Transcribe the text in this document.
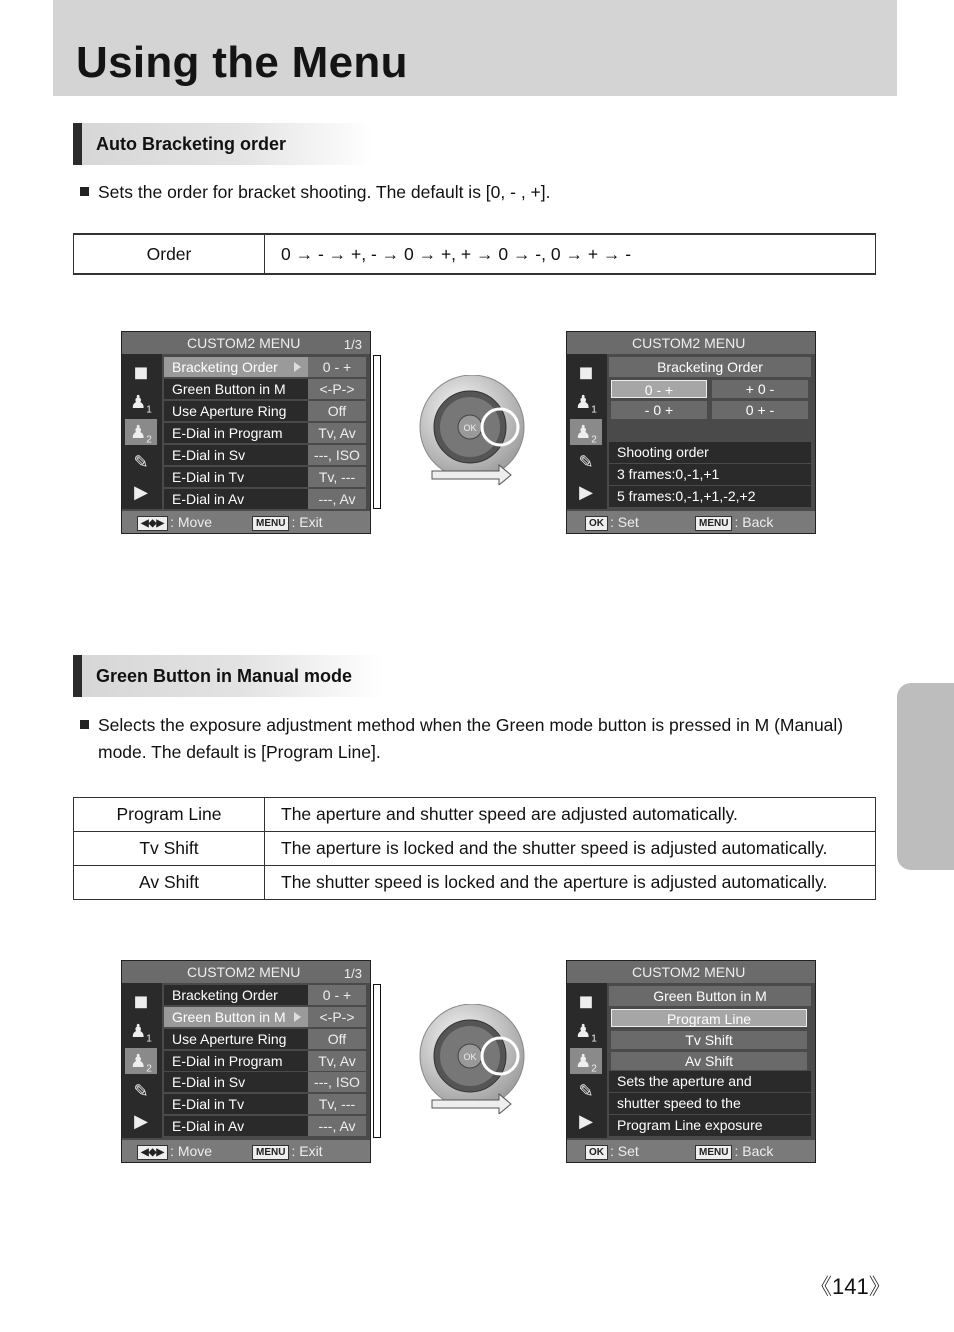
Using the Menu
Auto Bracketing order
Sets the order for bracket shooting. The default is [0, - , +].
Order	0 → - → +, - → 0 → +, + → 0 → -, 0 → + → -
CUSTOM2 MENU	1/3
◼
$♟_1$
$♟_2$
✎
▶
Bracketing Order	0 - +
Green Button in M	<-P->
Use Aperture Ring	Off
E-Dial in Program	Tv, Av
E-Dial in Sv	---, ISO
E-Dial in Tv	Tv, ---
E-Dial in Av	---, Av
◀◆▶ : Move	MENU : Exit
OK
CUSTOM2 MENU
◼
$♟_1$
$♟_2$
✎
▶
Bracketing Order
0 - +	+ 0 -
- 0 +	0 + -
Shooting order
3 frames:0,-1,+1
5 frames:0,-1,+1,-2,+2
OK : Set	MENU : Back
Green Button in Manual mode
Selects the exposure adjustment method when the Green mode button is pressed in M (Manual)
mode. The default is [Program Line].
Program Line	The aperture and shutter speed are adjusted automatically.
Tv Shift	The aperture is locked and the shutter speed is adjusted automatically.
Av Shift	The shutter speed is locked and the aperture is adjusted automatically.
CUSTOM2 MENU	1/3
◼
$♟_1$
$♟_2$
✎
▶
Bracketing Order	0 - +
Green Button in M	<-P->
Use Aperture Ring	Off
E-Dial in Program	Tv, Av
E-Dial in Sv	---, ISO
E-Dial in Tv	Tv, ---
E-Dial in Av	---, Av
◀◆▶ : Move	MENU : Exit
OK
CUSTOM2 MENU
◼
$♟_1$
$♟_2$
✎
▶
Green Button in M
Program Line
Tv Shift
Av Shift
Sets the aperture and
shutter speed to the
Program Line exposure
OK : Set	MENU : Back
《141》
